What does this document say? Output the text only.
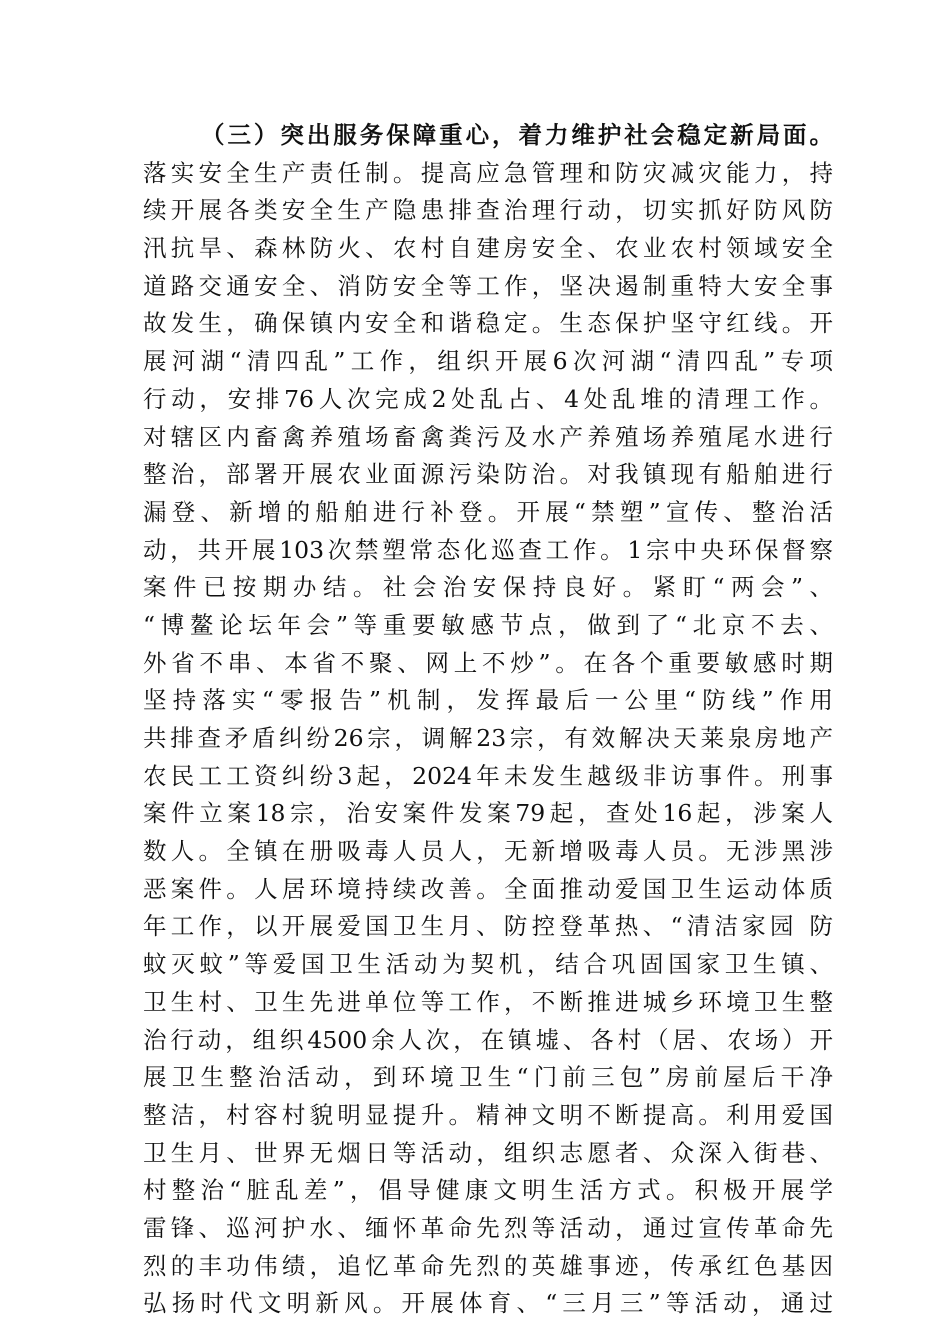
（三）突出服务保障重心，着力维护社会稳定新局面。
落实安全生产责任制。提高应急管理和防灾减灾能力，持
续开展各类安全生产隐患排查治理行动，切实抓好防风防
汛抗旱、森林防火、农村自建房安全、农业农村领域安全
道路交通安全、消防安全等工作，坚决遏制重特大安全事
故发生，确保镇内安全和谐稳定。生态保护坚守红线。开
展河湖“清四乱”工作，组织开展6次河湖“清四乱”专项
行动，安排76人次完成2处乱占、4处乱堆的清理工作。
对辖区内畜禽养殖场畜禽粪污及水产养殖场养殖尾水进行
整治，部署开展农业面源污染防治。对我镇现有船舶进行
漏登、新增的船舶进行补登。开展“禁塑”宣传、整治活
动，共开展103次禁塑常态化巡查工作。1宗中央环保督察
案件已按期办结。社会治安保持良好。紧盯“两会”、
“博鳌论坛年会”等重要敏感节点，做到了“北京不去、
外省不串、本省不聚、网上不炒”。在各个重要敏感时期
坚持落实“零报告”机制，发挥最后一公里“防线”作用
共排查矛盾纠纷26宗，调解23宗，有效解决天莱泉房地产
农民工工资纠纷3起，2024年未发生越级非访事件。刑事
案件立案18宗，治安案件发案79起，查处16起，涉案人
数人。全镇在册吸毒人员人，无新增吸毒人员。无涉黑涉
恶案件。人居环境持续改善。全面推动爱国卫生运动体质
年工作，以开展爱国卫生月、防控登革热、“清洁家园 防
蚊灭蚊”等爱国卫生活动为契机，结合巩固国家卫生镇、
卫生村、卫生先进单位等工作，不断推进城乡环境卫生整
治行动，组织4500余人次，在镇墟、各村（居、农场）开
展卫生整治活动，到环境卫生“门前三包”房前屋后干净
整洁，村容村貌明显提升。精神文明不断提高。利用爱国
卫生月、世界无烟日等活动，组织志愿者、众深入街巷、
村整治“脏乱差”，倡导健康文明生活方式。积极开展学
雷锋、巡河护水、缅怀革命先烈等活动，通过宣传革命先
烈的丰功伟绩，追忆革命先烈的英雄事迹，传承红色基因
弘扬时代文明新风。开展体育、“三月三”等活动，通过
